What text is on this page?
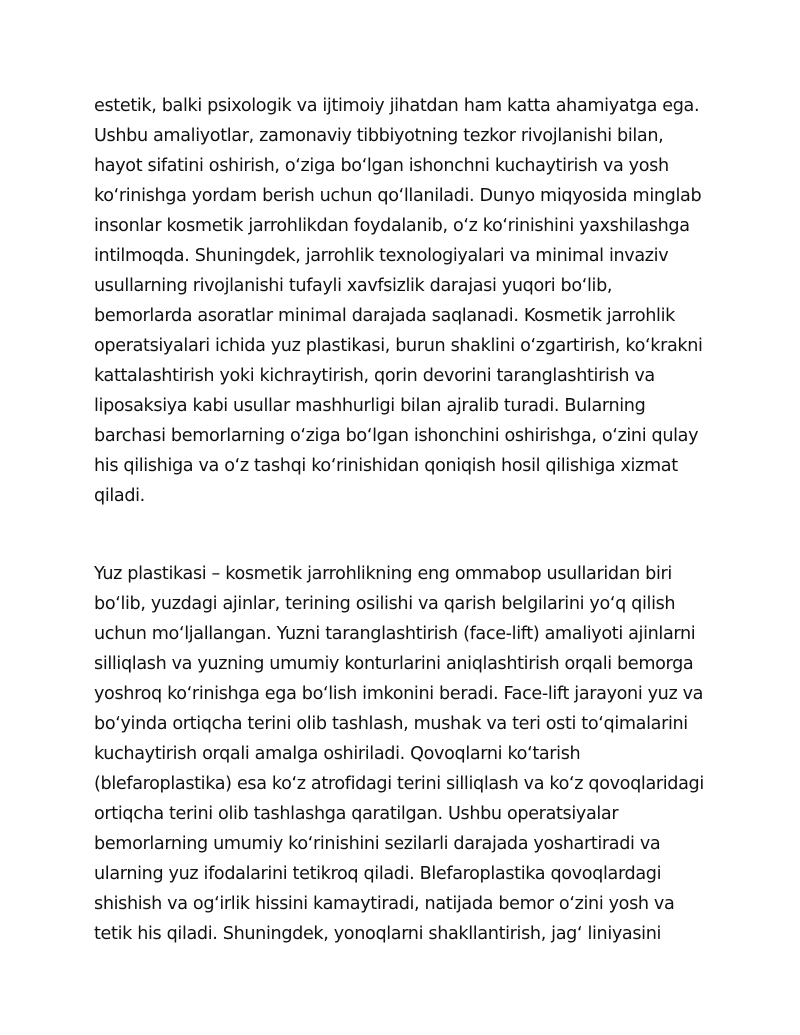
estetik, balki psixologik va ijtimoiy jihatdan ham katta ahamiyatga ega.
Ushbu amaliyotlar, zamonaviy tibbiyotning tezkor rivojlanishi bilan,
hayot sifatini oshirish, o‘ziga bo‘lgan ishonchni kuchaytirish va yosh
ko‘rinishga yordam berish uchun qo‘llaniladi. Dunyo miqyosida minglab
insonlar kosmetik jarrohlikdan foydalanib, o‘z ko‘rinishini yaxshilashga
intilmoqda. Shuningdek, jarrohlik texnologiyalari va minimal invaziv
usullarning rivojlanishi tufayli xavfsizlik darajasi yuqori bo‘lib,
bemorlarda asoratlar minimal darajada saqlanadi. Kosmetik jarrohlik
operatsiyalari ichida yuz plastikasi, burun shaklini o‘zgartirish, ko‘krakni
kattalashtirish yoki kichraytirish, qorin devorini taranglashtirish va
liposaksiya kabi usullar mashhurligi bilan ajralib turadi. Bularning
barchasi bemorlarning o‘ziga bo‘lgan ishonchini oshirishga, o‘zini qulay
his qilishiga va o‘z tashqi ko‘rinishidan qoniqish hosil qilishiga xizmat
qiladi.
Yuz plastikasi – kosmetik jarrohlikning eng ommabop usullaridan biri
bo‘lib, yuzdagi ajinlar, terining osilishi va qarish belgilarini yo‘q qilish
uchun mo‘ljallangan. Yuzni taranglashtirish (face-lift) amaliyoti ajinlarni
silliqlash va yuzning umumiy konturlarini aniqlashtirish orqali bemorga
yoshroq ko‘rinishga ega bo‘lish imkonini beradi. Face-lift jarayoni yuz va
bo‘yinda ortiqcha terini olib tashlash, mushak va teri osti to‘qimalarini
kuchaytirish orqali amalga oshiriladi. Qovoqlarni ko‘tarish
(blefaroplastika) esa ko‘z atrofidagi terini silliqlash va ko‘z qovoqlaridagi
ortiqcha terini olib tashlashga qaratilgan. Ushbu operatsiyalar
bemorlarning umumiy ko‘rinishini sezilarli darajada yoshartiradi va
ularning yuz ifodalarini tetikroq qiladi. Blefaroplastika qovoqlardagi
shishish va og‘irlik hissini kamaytiradi, natijada bemor o‘zini yosh va
tetik his qiladi. Shuningdek, yonoqlarni shakllantirish, jag‘ liniyasini
